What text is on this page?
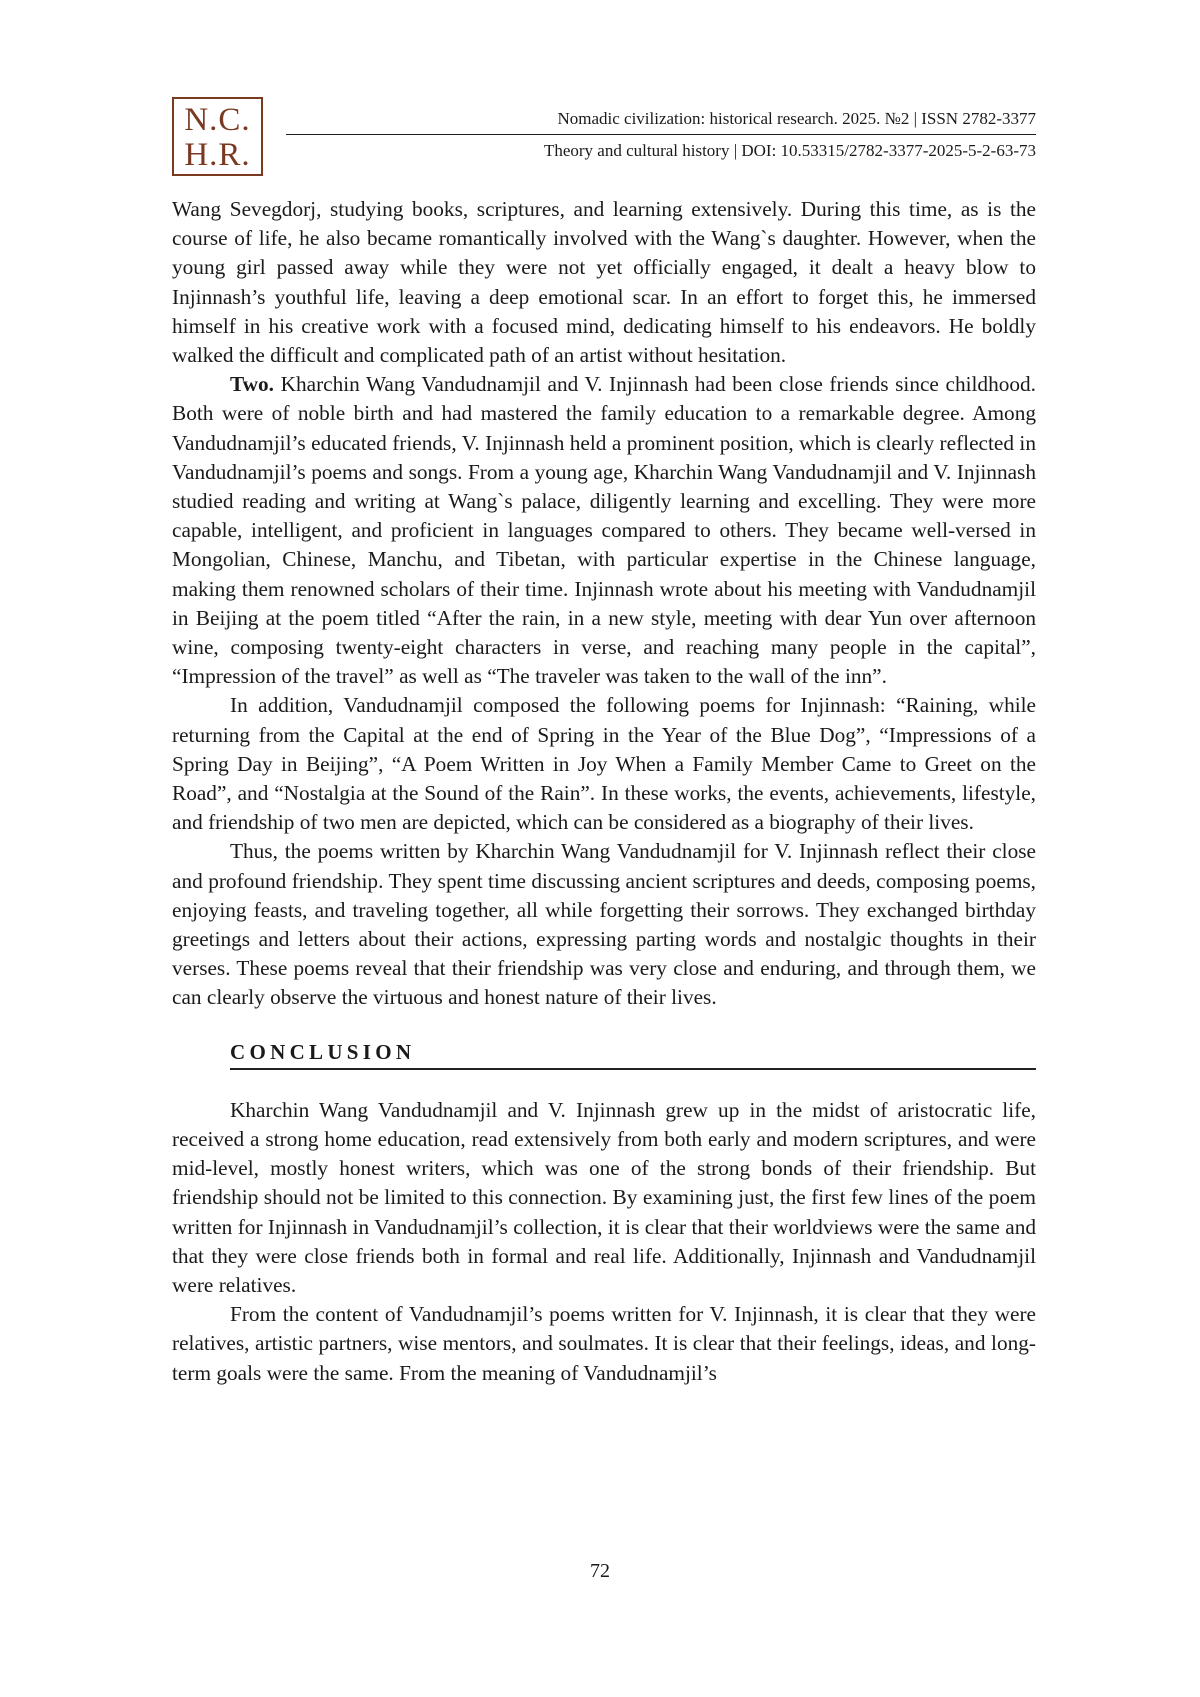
N.C.
H.R.
Nomadic civilization: historical research. 2025. №2 | ISSN 2782-3377
Theory and cultural history | DOI: 10.53315/2782-3377-2025-5-2-63-73

Wang Sevegdorj, studying books, scriptures, and learning extensively. During this time, as is the course of life, he also became romantically involved with the Wang`s daughter. However, when the young girl passed away while they were not yet officially engaged, it dealt a heavy blow to Injinnash’s youthful life, leaving a deep emotional scar. In an effort to forget this, he immersed himself in his creative work with a focused mind, dedicating himself to his endeavors. He boldly walked the difficult and complicated path of an artist without hesitation.

Two. Kharchin Wang Vandudnamjil and V. Injinnash had been close friends since childhood. Both were of noble birth and had mastered the family education to a remarkable degree. Among Vandudnamjil’s educated friends, V. Injinnash held a prominent position, which is clearly reflected in Vandudnamjil’s poems and songs. From a young age, Kharchin Wang Vandudnamjil and V. Injinnash studied reading and writing at Wang`s palace, diligently learning and excelling. They were more capable, intelligent, and proficient in languages compared to others. They became well-versed in Mongolian, Chinese, Manchu, and Tibetan, with particular expertise in the Chinese language, making them renowned scholars of their time. Injinnash wrote about his meeting with Vandudnamjil in Beijing at the poem titled “After the rain, in a new style, meeting with dear Yun over afternoon wine, composing twenty-eight characters in verse, and reaching many people in the capital”, “Impression of the travel” as well as “The traveler was taken to the wall of the inn”.

In addition, Vandudnamjil composed the following poems for Injinnash: “Raining, while returning from the Capital at the end of Spring in the Year of the Blue Dog”, “Impressions of a Spring Day in Beijing”, “A Poem Written in Joy When a Family Member Came to Greet on the Road”, and “Nostalgia at the Sound of the Rain”. In these works, the events, achievements, lifestyle, and friendship of two men are depicted, which can be considered as a biography of their lives.

Thus, the poems written by Kharchin Wang Vandudnamjil for V. Injinnash reflect their close and profound friendship. They spent time discussing ancient scriptures and deeds, composing poems, enjoying feasts, and traveling together, all while forgetting their sorrows. They exchanged birthday greetings and letters about their actions, expressing parting words and nostalgic thoughts in their verses. These poems reveal that their friendship was very close and enduring, and through them, we can clearly observe the virtuous and honest nature of their lives.

CONCLUSION

Kharchin Wang Vandudnamjil and V. Injinnash grew up in the midst of aristocratic life, received a strong home education, read extensively from both early and modern scriptures, and were mid-level, mostly honest writers, which was one of the strong bonds of their friendship. But friendship should not be limited to this connection. By examining just, the first few lines of the poem written for Injinnash in Vandudnamjil’s collection, it is clear that their worldviews were the same and that they were close friends both in formal and real life. Additionally, Injinnash and Vandudnamjil were relatives.

From the content of Vandudnamjil’s poems written for V. Injinnash, it is clear that they were relatives, artistic partners, wise mentors, and soulmates. It is clear that their feelings, ideas, and long-term goals were the same. From the meaning of Vandudnamjil’s

72
